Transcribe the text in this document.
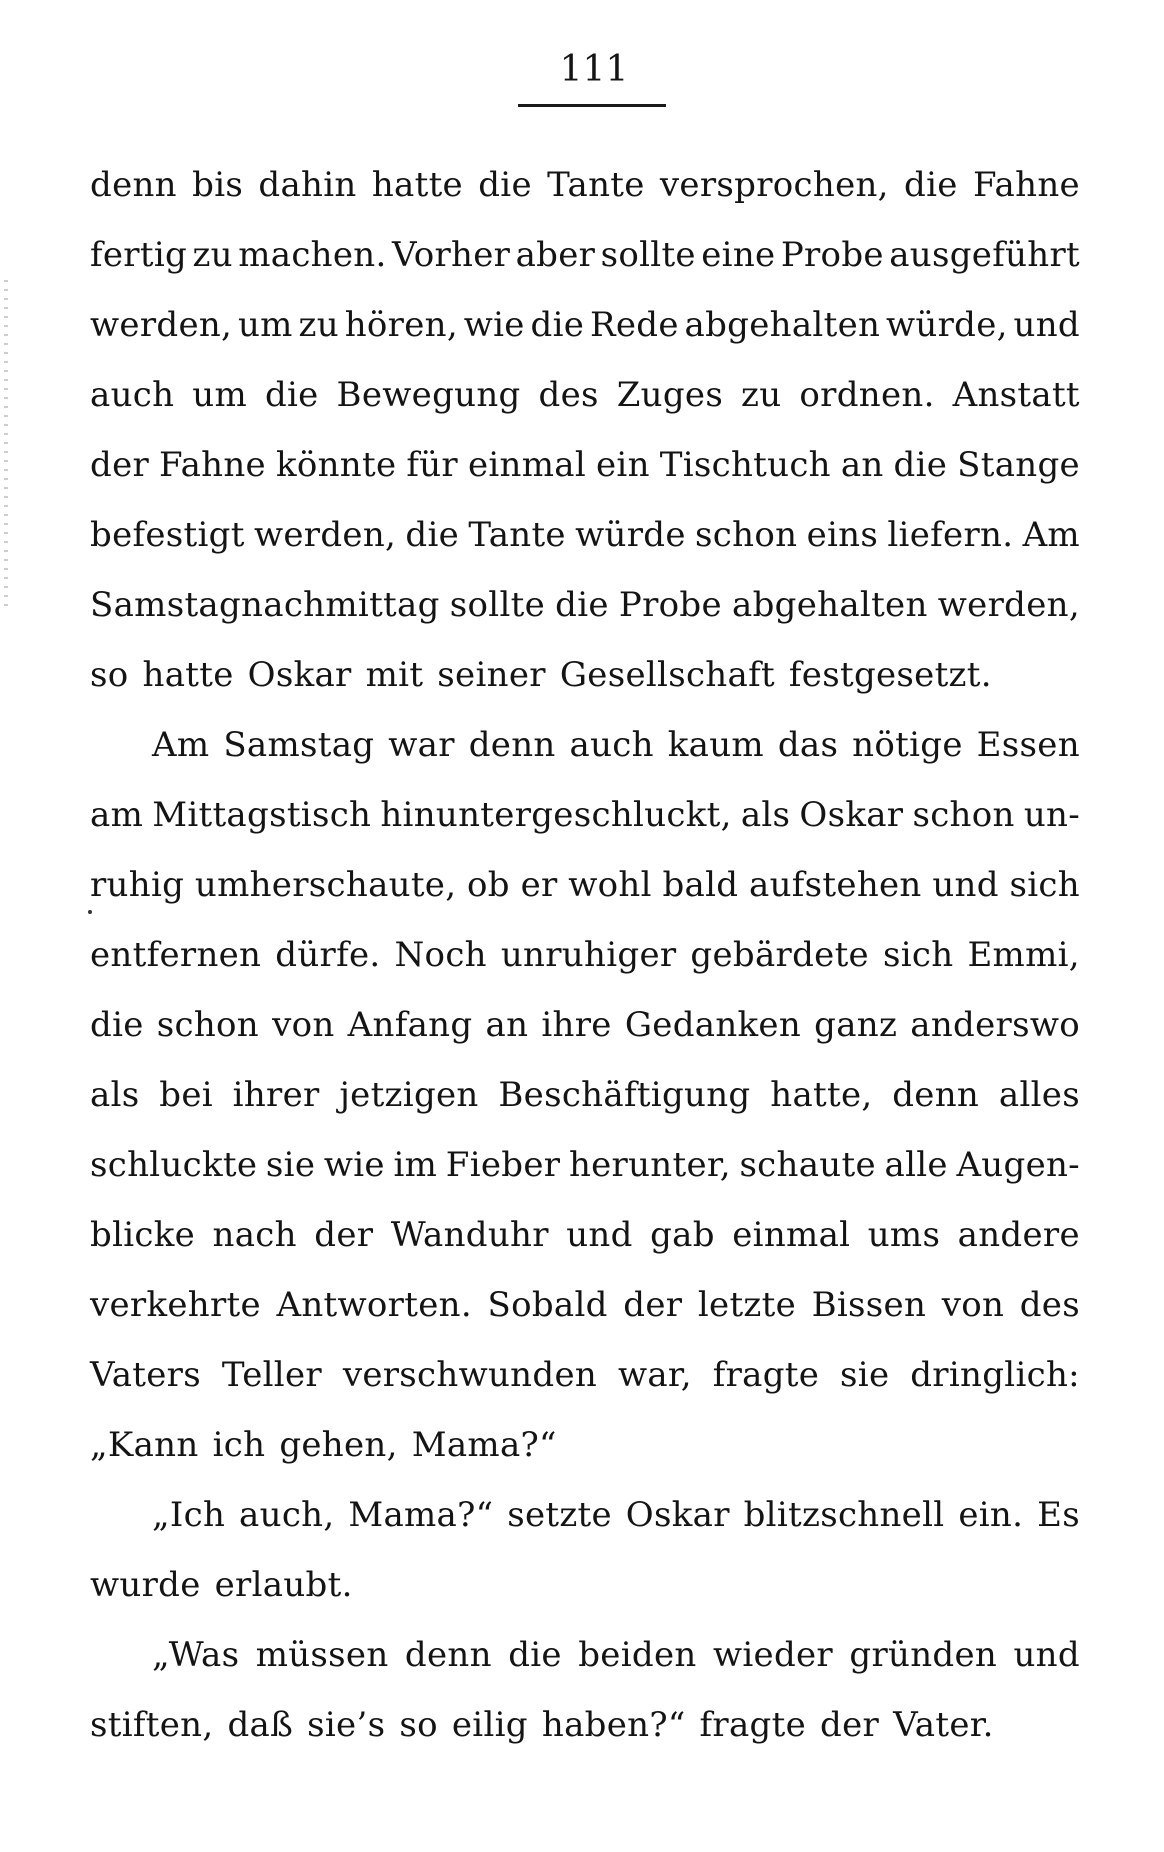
111
denn bis dahin hatte die Tante versprochen, die Fahne
fertig zu machen. Vorher aber sollte eine Probe ausgeführt
werden, um zu hören, wie die Rede abgehalten würde, und
auch um die Bewegung des Zuges zu ordnen. Anstatt
der Fahne könnte für einmal ein Tischtuch an die Stange
befestigt werden, die Tante würde schon eins liefern. Am
Samstagnachmittag sollte die Probe abgehalten werden,
so hatte Oskar mit seiner Gesellschaft festgesetzt.
Am Samstag war denn auch kaum das nötige Essen
am Mittagstisch hinuntergeschluckt, als Oskar schon un-
ruhig umherschaute, ob er wohl bald aufstehen und sich
entfernen dürfe. Noch unruhiger gebärdete sich Emmi,
die schon von Anfang an ihre Gedanken ganz anderswo
als bei ihrer jetzigen Beschäftigung hatte, denn alles
schluckte sie wie im Fieber herunter, schaute alle Augen-
blicke nach der Wanduhr und gab einmal ums andere
verkehrte Antworten. Sobald der letzte Bissen von des
Vaters Teller verschwunden war, fragte sie dringlich:
„Kann ich gehen, Mama?“
„Ich auch, Mama?“ setzte Oskar blitzschnell ein. Es
wurde erlaubt.
„Was müssen denn die beiden wieder gründen und
stiften, daß sie’s so eilig haben?“ fragte der Vater.
